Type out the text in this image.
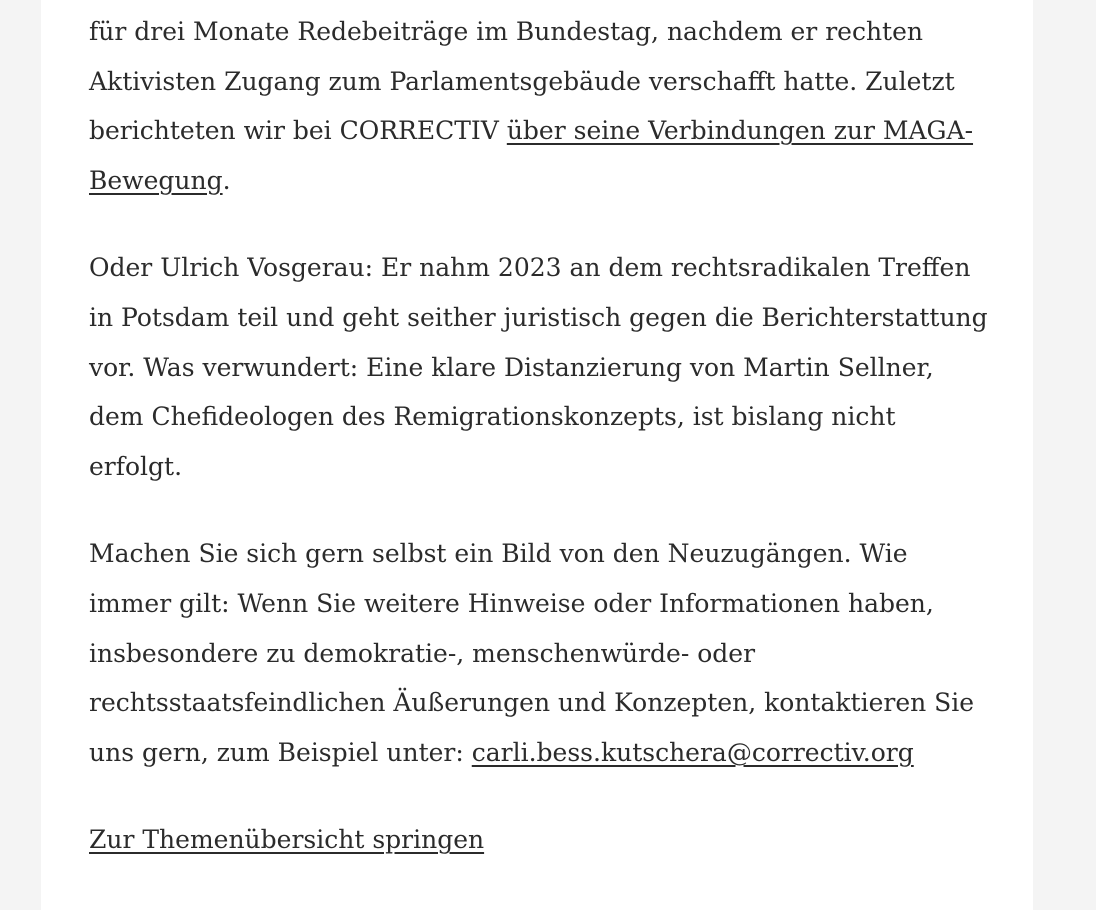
für drei Monate Redebeiträge im Bundestag, nachdem er rechten Aktivisten Zugang zum Parlamentsgebäude verschafft hatte. Zuletzt berichteten wir bei CORRECTIV über seine Verbindungen zur MAGA-Bewegung.

Oder Ulrich Vosgerau: Er nahm 2023 an dem rechtsradikalen Treffen in Potsdam teil und geht seither juristisch gegen die Berichterstattung vor. Was verwundert: Eine klare Distanzierung von Martin Sellner, dem Chefideologen des Remigrationskonzepts, ist bislang nicht erfolgt.

Machen Sie sich gern selbst ein Bild von den Neuzugängen. Wie immer gilt: Wenn Sie weitere Hinweise oder Informationen haben, insbesondere zu demokratie-, menschenwürde- oder rechtsstaatsfeindlichen Äußerungen und Konzepten, kontaktieren Sie uns gern, zum Beispiel unter: carli.bess.kutschera@correctiv.org

Zur Themenübersicht springen
